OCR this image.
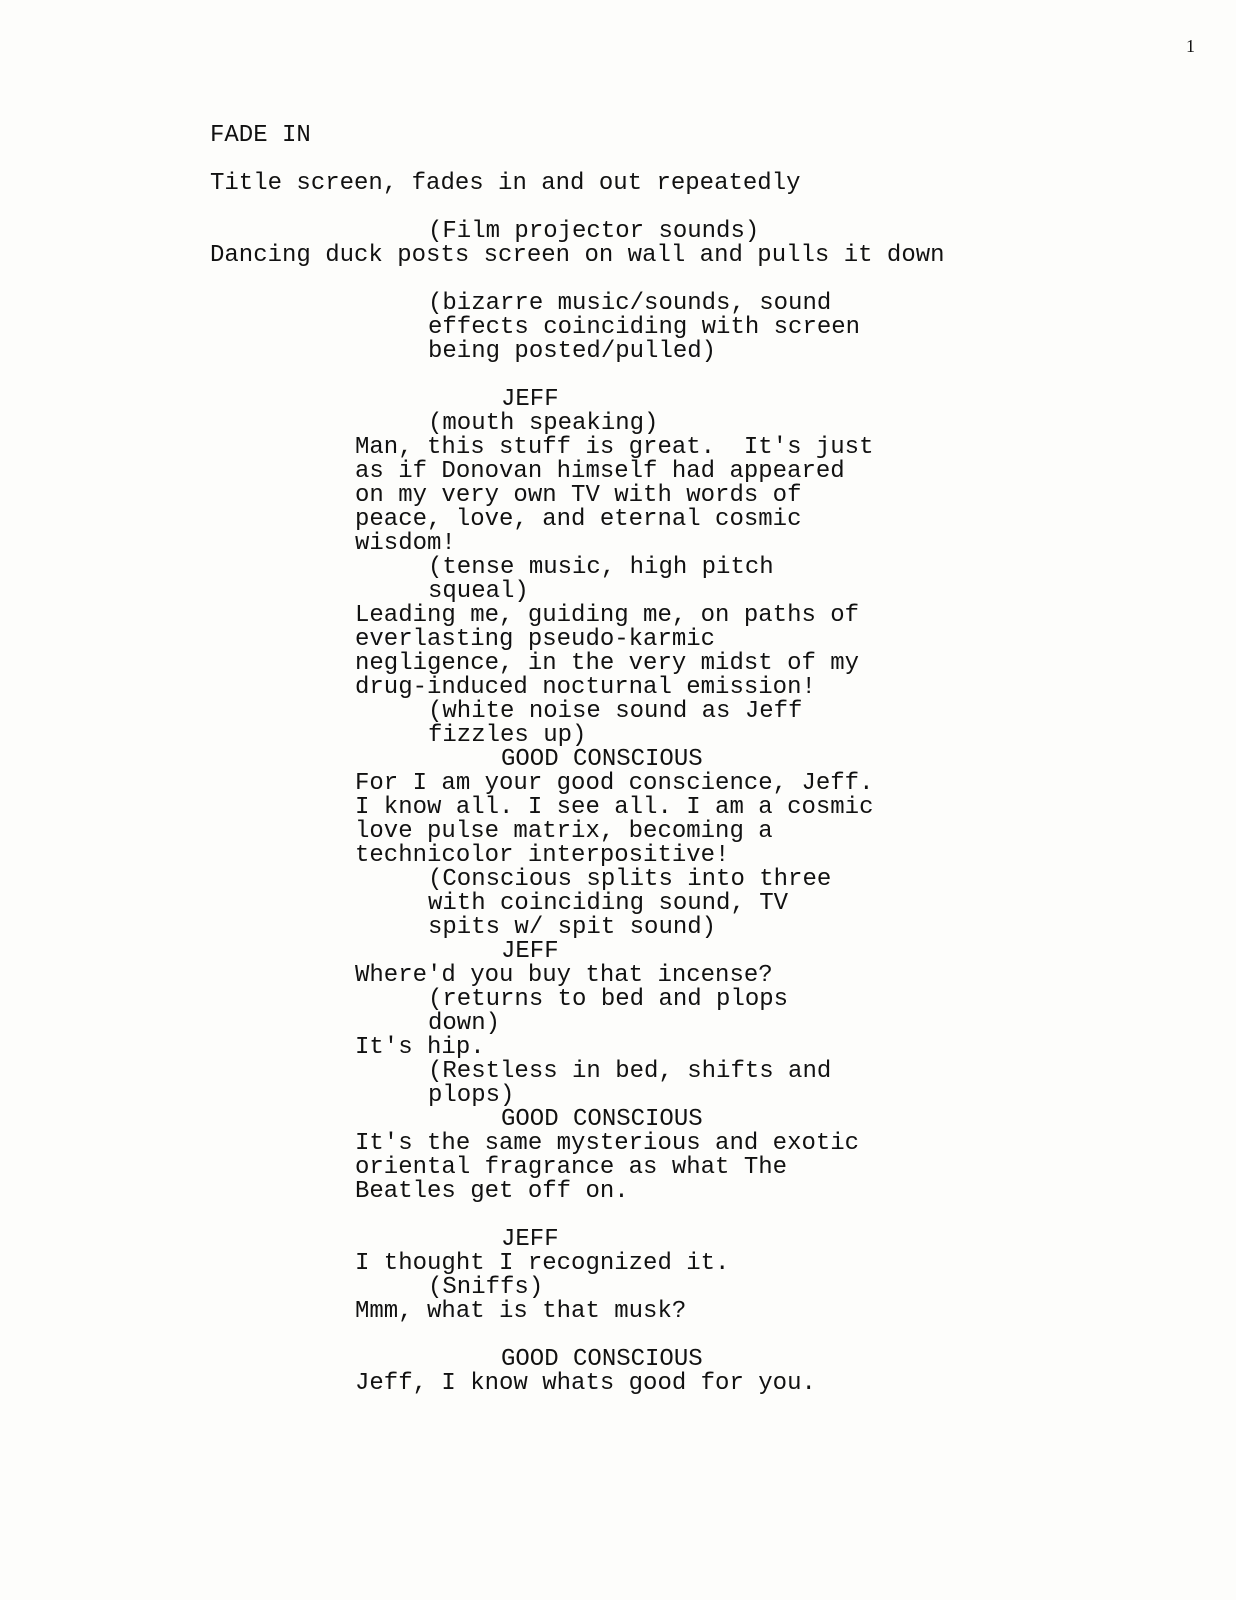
1

FADE IN

Title screen, fades in and out repeatedly

(Film projector sounds)

Dancing duck posts screen on wall and pulls it down

(bizarre music/sounds, sound

effects coinciding with screen

being posted/pulled)

JEFF

(mouth speaking)

Man, this stuff is great.  It's just

as if Donovan himself had appeared

on my very own TV with words of

peace, love, and eternal cosmic

wisdom!

(tense music, high pitch

squeal)

Leading me, guiding me, on paths of

everlasting pseudo-karmic

negligence, in the very midst of my

drug-induced nocturnal emission!

(white noise sound as Jeff

fizzles up)

GOOD CONSCIOUS

For I am your good conscience, Jeff.

I know all. I see all. I am a cosmic

love pulse matrix, becoming a

technicolor interpositive!

(Conscious splits into three

with coinciding sound, TV

spits w/ spit sound)

JEFF

Where'd you buy that incense?

(returns to bed and plops

down)

It's hip.

(Restless in bed, shifts and

plops)

GOOD CONSCIOUS

It's the same mysterious and exotic

oriental fragrance as what The

Beatles get off on.

JEFF

I thought I recognized it.

(Sniffs)

Mmm, what is that musk?

GOOD CONSCIOUS

Jeff, I know whats good for you.
